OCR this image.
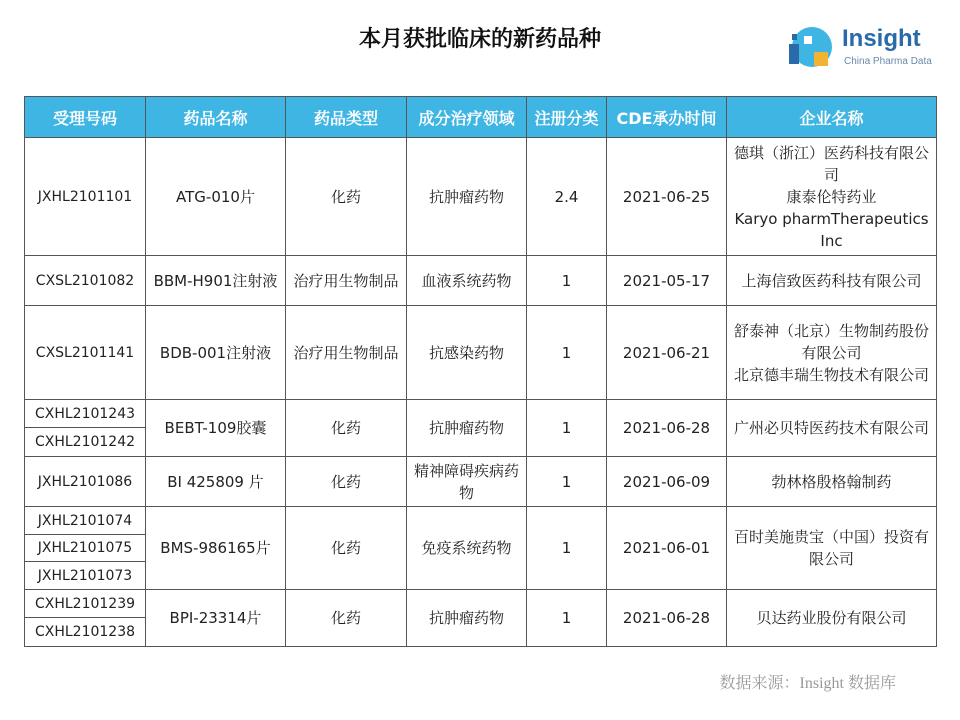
本月获批临床的新药品种	Insight
China Pharma Data
受理号码	药品名称	药品类型	成分治疗领域	注册分类	CDE承办时间	企业名称
JXHL2101101	ATG-010片	化药	抗肿瘤药物	2.4	2021-06-25	德琪（浙江）医药科技有限公司
康泰伦特药业
Karyo pharmTherapeutics Inc

CXSL2101082	BBM-H901注射液	治疗用生物制品	血液系统药物	1	2021-05-17	上海信致医药科技有限公司

CXSL2101141	BDB-001注射液	治疗用生物制品	抗感染药物	1	2021-06-21	舒泰神（北京）生物制药股份有限公司
北京德丰瑞生物技术有限公司

CXHL2101243	BEBT-109胶囊	化药	抗肿瘤药物	1	2021-06-28	广州必贝特医药技术有限公司

CXHL2101242						
JXHL2101086	BI 425809 片	化药	精神障碍疾病药物	1	2021-06-09	勃林格殷格翰制药

JXHL2101074	BMS-986165片	化药	免疫系统药物	1	2021-06-01	百时美施贵宝（中国）投资有限公司

JXHL2101075						
JXHL2101073						
CXHL2101239	BPI-23314片	化药	抗肿瘤药物	1	2021-06-28	贝达药业股份有限公司

CXHL2101238						
数据来源：Insight 数据库
